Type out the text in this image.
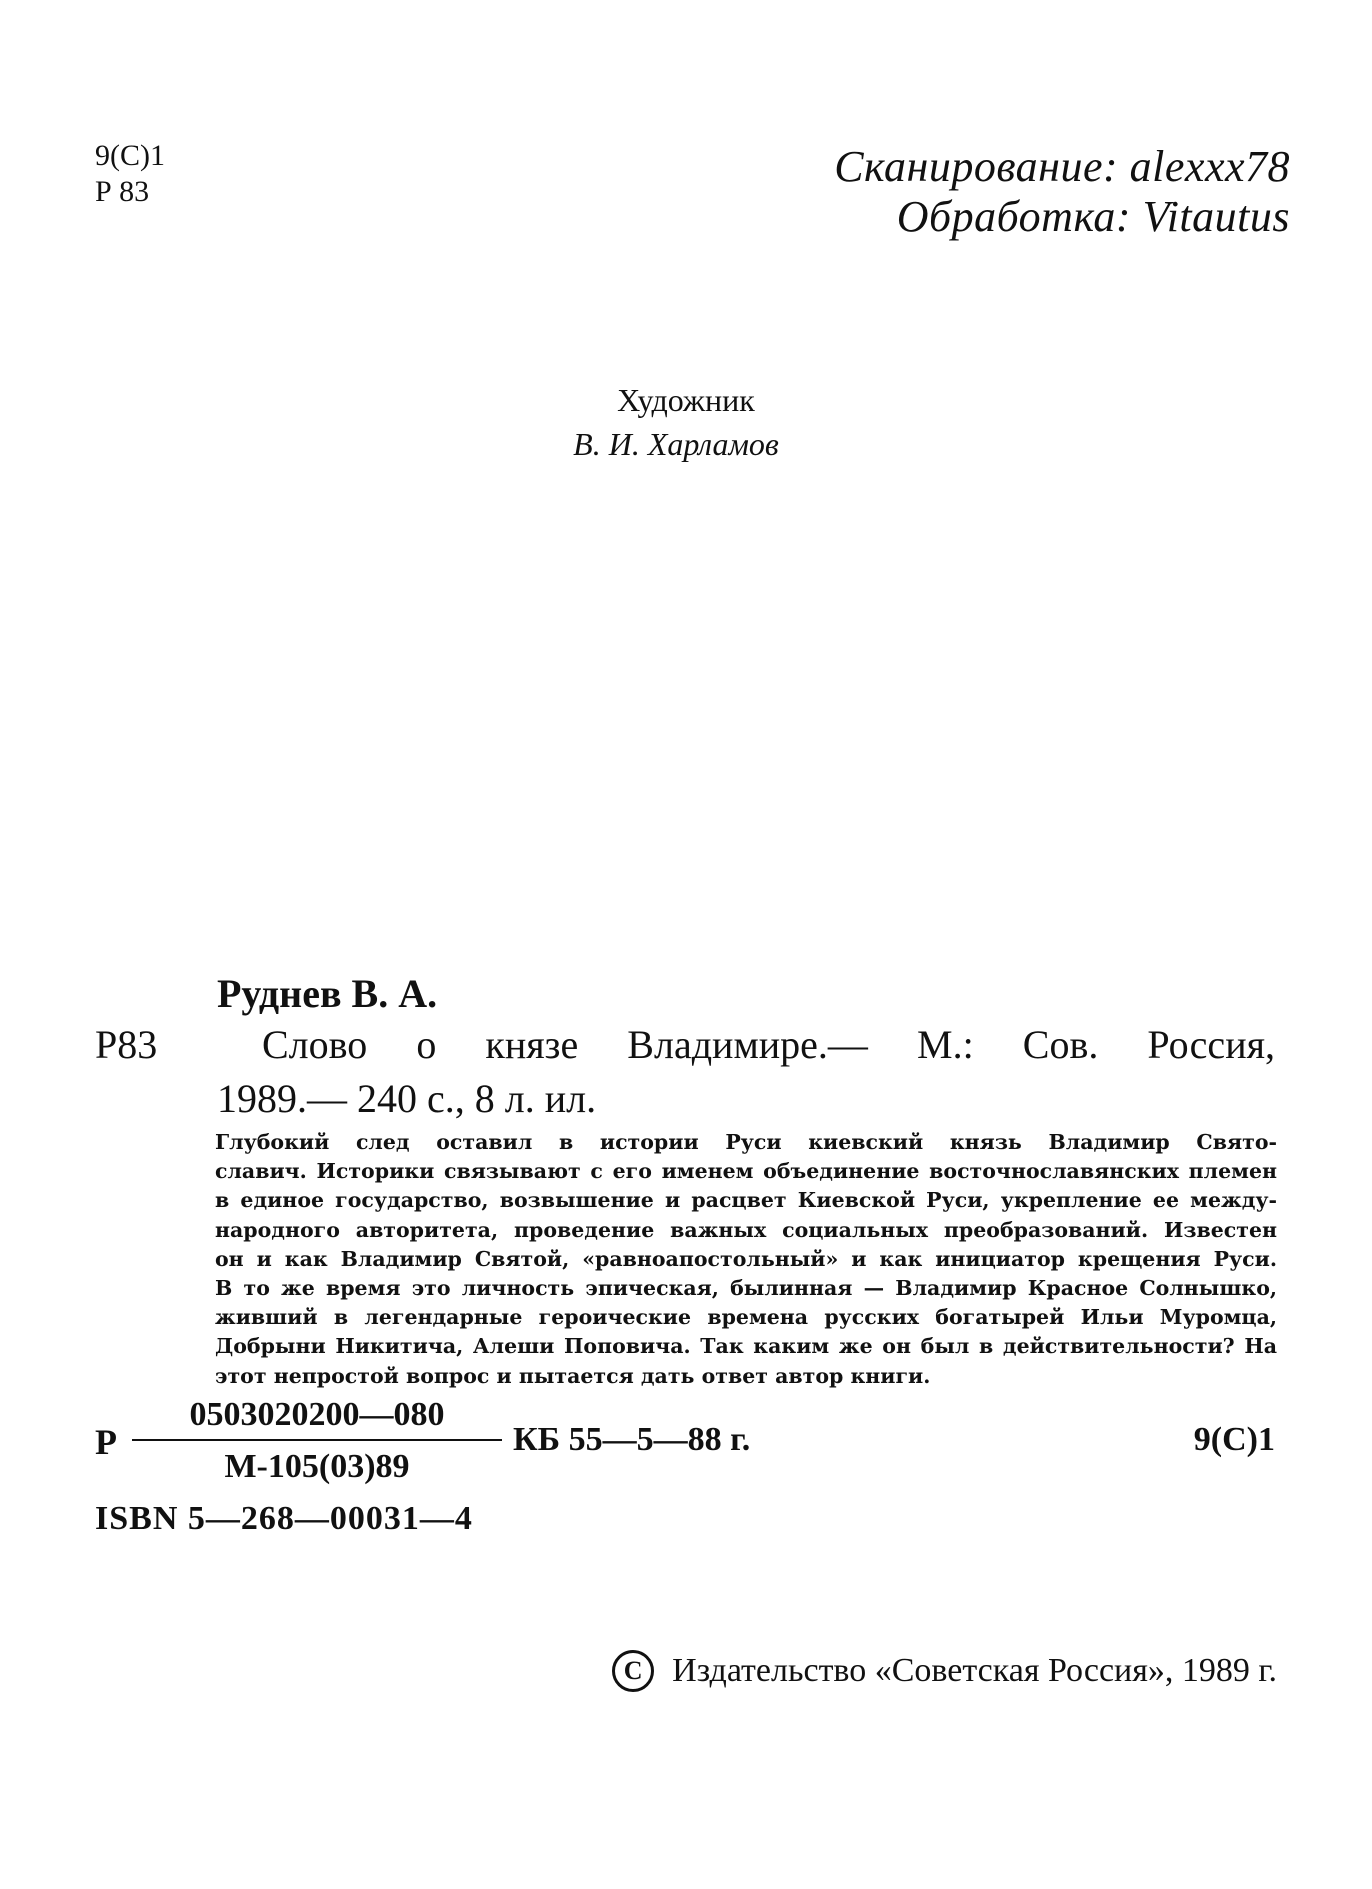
9(С)1
Р 83
Сканирование: alexxx78
Обработка: Vitautus
Художник
В. И. Харламов
Руднев В. А.
Р83	Слово о князе Владимире.— М.: Сов. Россия,
1989.— 240 с., 8 л. ил.
Глубокий след оставил в истории Руси киевский князь Владимир Свято-
славич. Историки связывают с его именем объединение восточнославянских племен
в единое государство, возвышение и расцвет Киевской Руси, укрепление ее между-
народного авторитета, проведение важных социальных преобразований. Известен
он и как Владимир Святой, «равноапостольный» и как инициатор крещения Руси.
В то же время это личность эпическая, былинная — Владимир Красное Солнышко,
живший в легендарные героические времена русских богатырей Ильи Муромца,
Добрыни Никитича, Алеши Поповича. Так каким же он был в действительности? На
этот непростой вопрос и пытается дать ответ автор книги.
Р
0503020200—080
М-105(03)89
КБ 55—5—88 г.	9(С)1
ISBN 5—268—00031—4
C Издательство «Советская Россия», 1989 г.
